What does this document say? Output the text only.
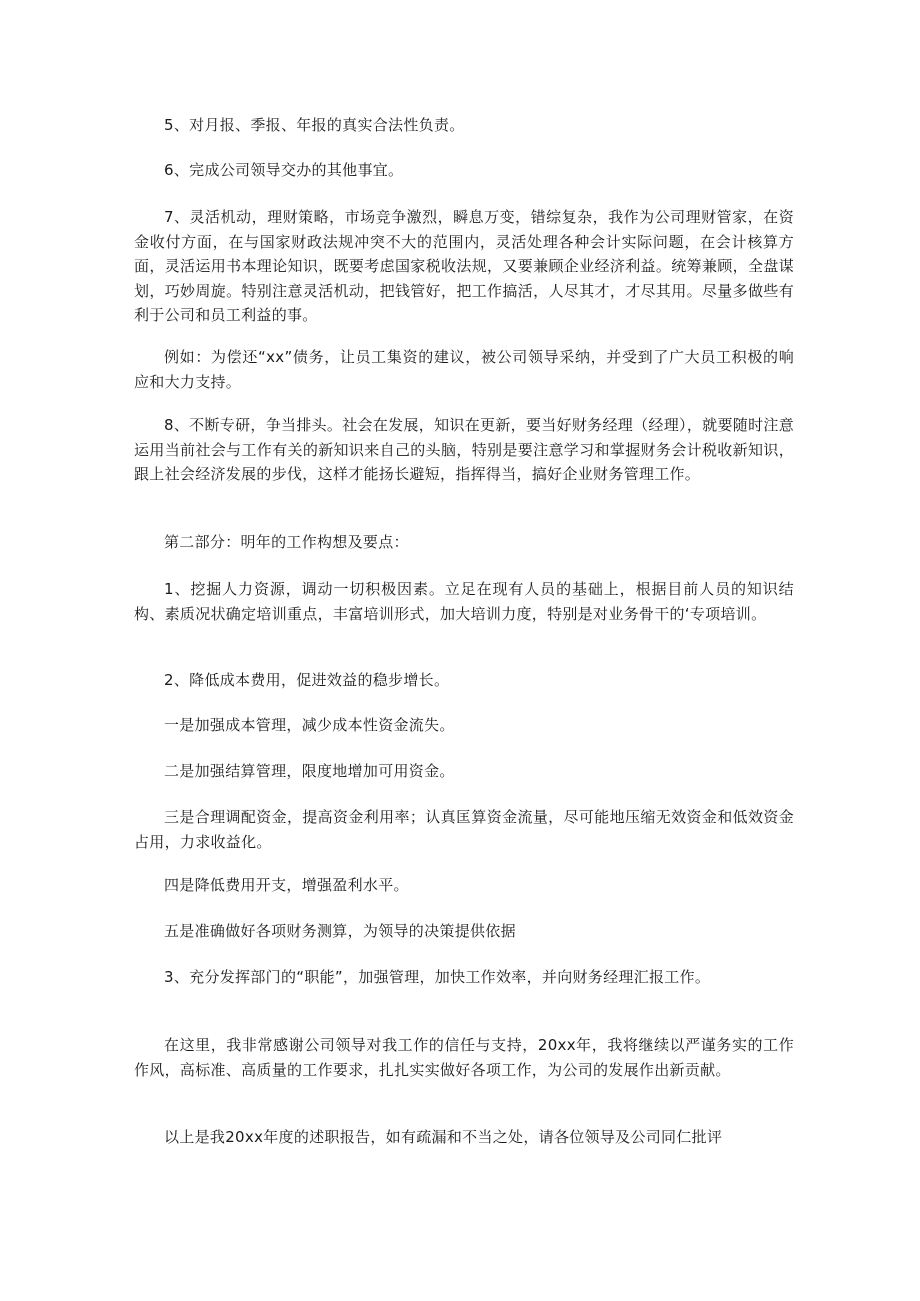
5、对月报、季报、年报的真实合法性负责。

6、完成公司领导交办的其他事宜。

7、灵活机动，理财策略，市场竞争激烈，瞬息万变，错综复杂，我作为公司理财管家，在资金收付方面，在与国家财政法规冲突不大的范围内，灵活处理各种会计实际问题，在会计核算方面，灵活运用书本理论知识，既要考虑国家税收法规，又要兼顾企业经济利益。统筹兼顾，全盘谋划，巧妙周旋。特别注意灵活机动，把钱管好，把工作搞活，人尽其才，才尽其用。尽量多做些有利于公司和员工利益的事。

例如：为偿还“xx”债务，让员工集资的建议，被公司领导采纳，并受到了广大员工积极的响应和大力支持。

8、不断专研，争当排头。社会在发展，知识在更新，要当好财务经理（经理），就要随时注意运用当前社会与工作有关的新知识来自己的头脑，特别是要注意学习和掌握财务会计税收新知识，跟上社会经济发展的步伐，这样才能扬长避短，指挥得当，搞好企业财务管理工作。

第二部分：明年的工作构想及要点：

1、挖掘人力资源，调动一切积极因素。立足在现有人员的基础上，根据目前人员的知识结构、素质况状确定培训重点，丰富培训形式，加大培训力度，特别是对业务骨干的‘专项培训。

2、降低成本费用，促进效益的稳步增长。

一是加强成本管理，减少成本性资金流失。

二是加强结算管理，限度地增加可用资金。

三是合理调配资金，提高资金利用率；认真匡算资金流量，尽可能地压缩无效资金和低效资金占用，力求收益化。

四是降低费用开支，增强盈利水平。

五是准确做好各项财务测算，为领导的决策提供依据

3、充分发挥部门的“职能”，加强管理，加快工作效率，并向财务经理汇报工作。

在这里，我非常感谢公司领导对我工作的信任与支持，20xx年，我将继续以严谨务实的工作作风，高标准、高质量的工作要求，扎扎实实做好各项工作，为公司的发展作出新贡献。

以上是我20xx年度的述职报告，如有疏漏和不当之处，请各位领导及公司同仁批评
